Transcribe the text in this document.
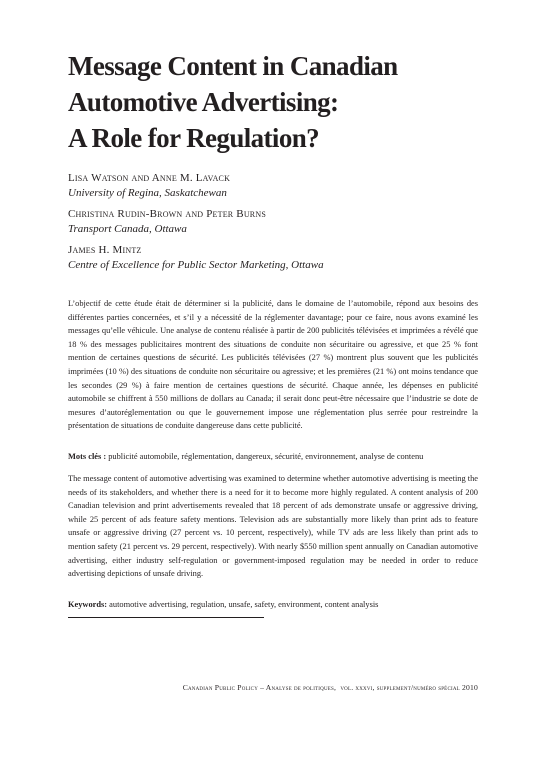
Message Content in Canadian
Automotive Advertising:
A Role for Regulation?
Lisa Watson and Anne M. Lavack
University of Regina, Saskatchewan
Christina Rudin-Brown and Peter Burns
Transport Canada, Ottawa
James H. Mintz
Centre of Excellence for Public Sector Marketing, Ottawa

L’objectif de cette étude était de déterminer si la publicité, dans le domaine de l’automobile, répond aux besoins des différentes parties concernées, et s’il y a nécessité de la réglementer davantage; pour ce faire, nous avons examiné les messages qu’elle véhicule. Une analyse de contenu réalisée à partir de 200 publicités télévisées et imprimées a révélé que 18 % des messages publicitaires montrent des situations de conduite non sécuritaire ou agressive, et que 25 % font mention de certaines questions de sécurité. Les publicités télévisées (27 %) montrent plus souvent que les publicités imprimées (10 %) des situations de conduite non sécuritaire ou agressive; et les premières (21 %) ont moins tendance que les secondes (29 %) à faire mention de certaines questions de sécurité. Chaque année, les dépenses en publicité automobile se chiffrent à 550 millions de dollars au Canada; il serait donc peut-être nécessaire que l’industrie se dote de mesures d’autoréglementation ou que le gouvernement impose une réglementation plus serrée pour restreindre la présentation de situations de conduite dangereuse dans cette publicité.

Mots clés : publicité automobile, réglementation, dangereux, sécurité, environnement, analyse de contenu

The message content of automotive advertising was examined to determine whether automotive advertising is meeting the needs of its stakeholders, and whether there is a need for it to become more highly regulated. A content analysis of 200 Canadian television and print advertisements revealed that 18 percent of ads demonstrate unsafe or aggressive driving, while 25 percent of ads feature safety mentions. Television ads are substantially more likely than print ads to feature unsafe or aggressive driving (27 percent vs. 10 percent, respectively), while TV ads are less likely than print ads to mention safety (21 percent vs. 29 percent, respectively). With nearly $550 million spent annually on Canadian automotive advertising, either industry self-regulation or government-imposed regulation may be needed in order to reduce advertising depictions of unsafe driving.

Keywords: automotive advertising, regulation, unsafe, safety, environment, content analysis

Canadian Public Policy – Analyse de politiques, vol. xxxvi, supplement/numéro spécial 2010
